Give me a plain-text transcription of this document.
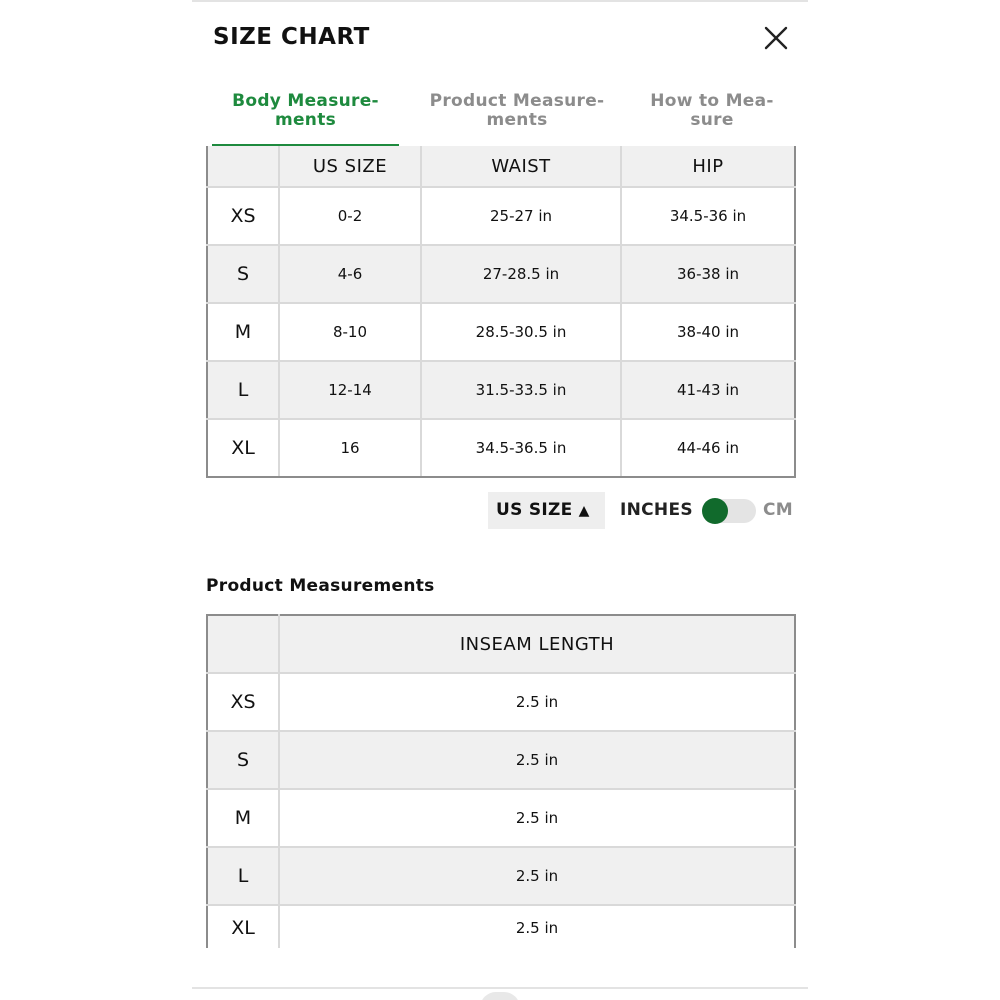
SIZE CHART
Body Measure-
ments
Product Measure-
ments
How to Mea-
sure
	US SIZE	WAIST	HIP
XS	0-2	25-27 in	34.5-36 in
S	4-6	27-28.5 in	36-38 in
M	8-10	28.5-30.5 in	38-40 in
L	12-14	31.5-33.5 in	41-43 in
XL	16	34.5-36.5 in	44-46 in
US SIZE ▲	INCHES	CM
Product Measurements
	INSEAM LENGTH
XS	2.5 in
S	2.5 in
M	2.5 in
L	2.5 in
XL	2.5 in
